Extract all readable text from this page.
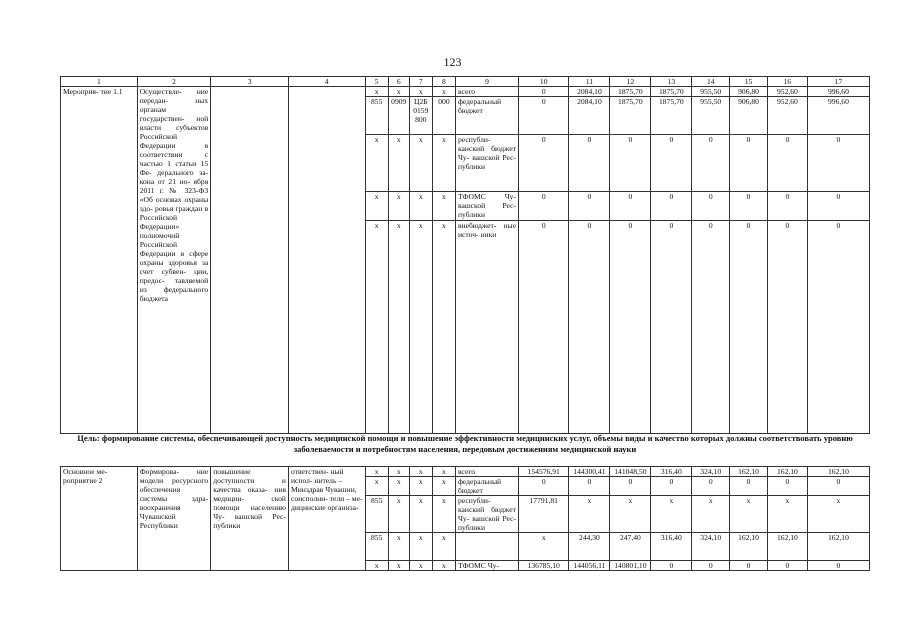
123
1	2	3	4	5	6	7	8	9	10	11	12	13	14	15	16	17
Мероприя- тие 1.1	Осуществле- ние передан- ных органам государствен- ной власти субъектов Российской Федерации в соответствии с частью 1 статьи 15 Фе- дерального за- кона от 21 но- ября 2011 г. № 323-ФЗ «Об основах охраны здо- ровья граждан в Российской Федерации» полномочий Российской Федерации в сфере охраны здоровья за счет субвен- ции, предос- тавляемой из федерального бюджета			x	x	x	x	всего	0	2084,10	1875,70	1875,70	955,50	906,80	952,60	996,60
				855	0909	Ц2Б 0159 800	000	федеральный бюджет	0	2084,10	1875,70	1875,70	955,50	906,80	952,60	996,60
				x	x	x	x	республи- канский бюджет Чу- вашской Рес- публики	0	0	0	0	0	0	0	0
				x	x	x	x	ТФОМС Чу- вашской Рес- публики	0	0	0	0	0	0	0	0
				x	x	x	x	внебюджет- ные источ- ники	0	0	0	0	0	0	0	0
Цель: формирование системы, обеспечивающей доступность медицинской помощи и повышение эффективности медицинских услуг, объемы виды и качество которых должны соответствовать уровню заболеваемости и потребностям населения, передовым достижениям медицинской науки
Основное ме- роприятие 2	Формирова- ние модели ресурсного обеспечения системы здра- воохранения Чувашской Республики	повышение доступности и качества оказа- ния медицин- ской помощи населению Чу- вашской Рес- публики	ответствен- ный испол- нитель – Минздрав Чувашии, соисполни- тели – ме- дицинские организа-	x	x	x	x	всего	154576,91	144300,41	141048,50	316,40	324,10	162,10	162,10	162,10
				x	x	x	x	федеральный бюджет	0	0	0	0	0	0	0	0
				855	x	x	x	республи- канский бюджет Чу- вашской Рес- публики	17791,81	x	x	x	x	x	x	x
				855	x	x	x		x	244,30	247,40	316,40	324,10	162,10	162,10	162,10
				x	x	x	x	ТФОМС Чу-	136785,10	144056,11	140801,10	0	0	0	0	0
